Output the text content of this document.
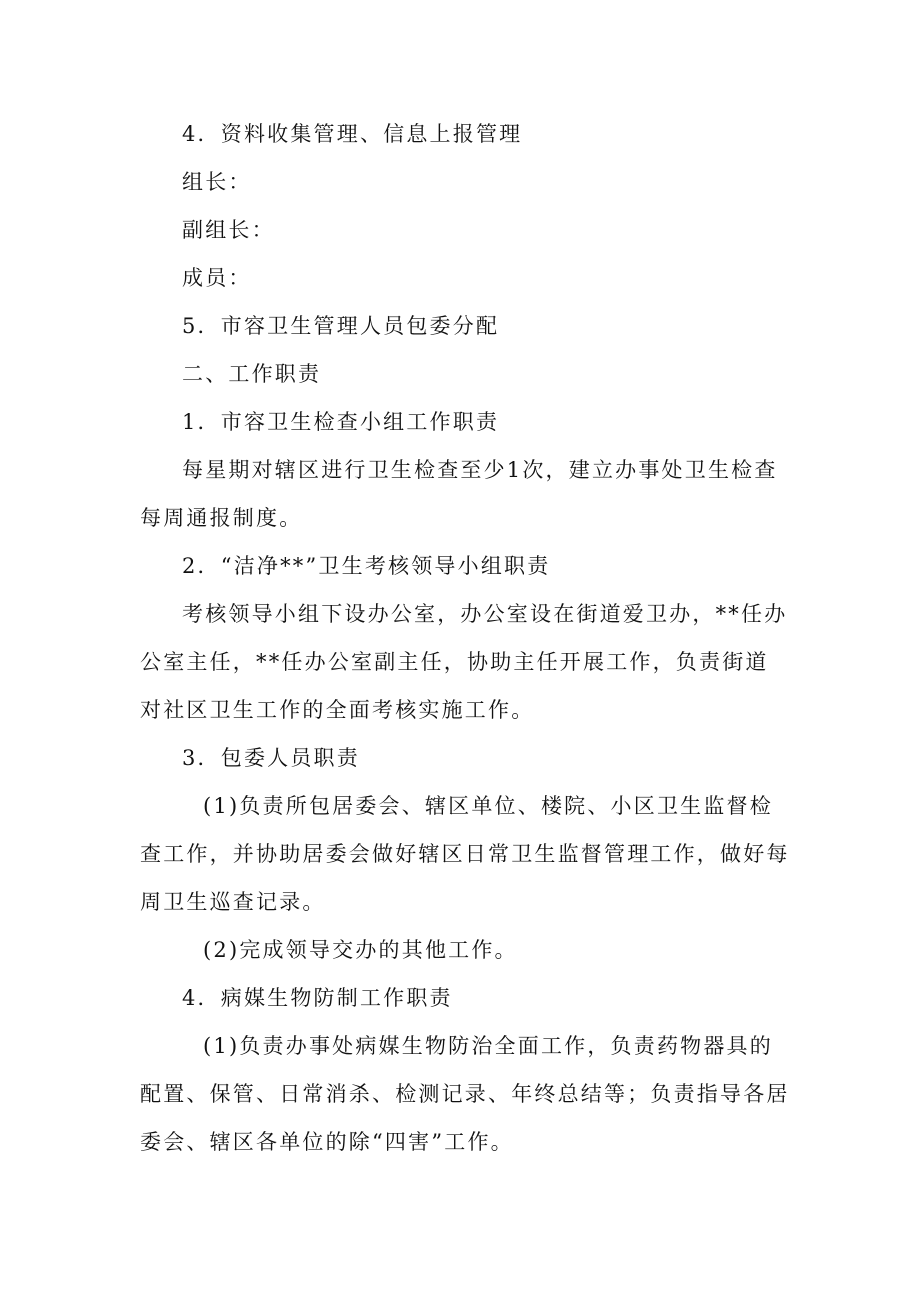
4．资料收集管理、信息上报管理

组长：

副组长：

成员：

5．市容卫生管理人员包委分配

二、工作职责

1．市容卫生检查小组工作职责

每星期对辖区进行卫生检查至少1次，建立办事处卫生检查每周通报制度。

2．“洁净**”卫生考核领导小组职责

考核领导小组下设办公室，办公室设在街道爱卫办，**任办公室主任，**任办公室副主任，协助主任开展工作，负责街道对社区卫生工作的全面考核实施工作。

3．包委人员职责

(1)负责所包居委会、辖区单位、楼院、小区卫生监督检查工作，并协助居委会做好辖区日常卫生监督管理工作，做好每周卫生巡查记录。

(2)完成领导交办的其他工作。

4．病媒生物防制工作职责

(1)负责办事处病媒生物防治全面工作，负责药物器具的配置、保管、日常消杀、检测记录、年终总结等；负责指导各居委会、辖区各单位的除“四害”工作。
